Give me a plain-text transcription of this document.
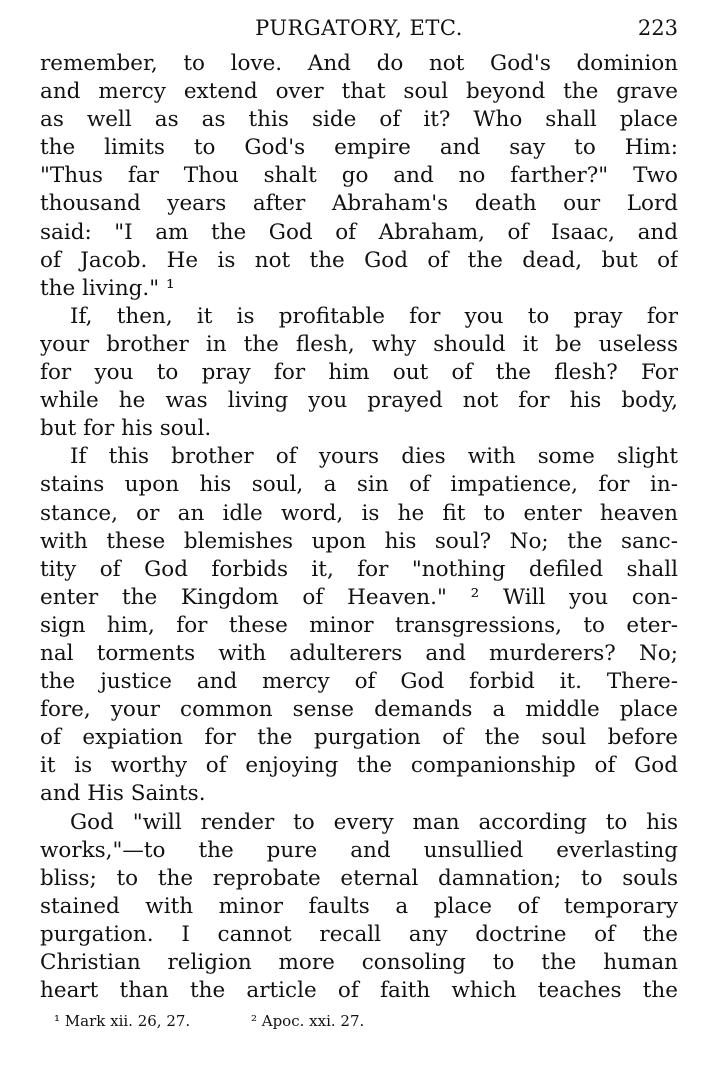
PURGATORY, ETC.	223

remember, to love. And do not God's dominion
and mercy extend over that soul beyond the grave
as well as as this side of it? Who shall place
the limits to God's empire and say to Him:
"Thus far Thou shalt go and no farther?" Two
thousand years after Abraham's death our Lord
said: "I am the God of Abraham, of Isaac, and
of Jacob. He is not the God of the dead, but of
the living." ¹

If, then, it is profitable for you to pray for
your brother in the flesh, why should it be useless
for you to pray for him out of the flesh? For
while he was living you prayed not for his body,
but for his soul.

If this brother of yours dies with some slight
stains upon his soul, a sin of impatience, for in-
stance, or an idle word, is he fit to enter heaven
with these blemishes upon his soul? No; the sanc-
tity of God forbids it, for "nothing defiled shall
enter the Kingdom of Heaven." ² Will you con-
sign him, for these minor transgressions, to eter-
nal torments with adulterers and murderers? No;
the justice and mercy of God forbid it. There-
fore, your common sense demands a middle place
of expiation for the purgation of the soul before
it is worthy of enjoying the companionship of God
and His Saints.

God "will render to every man according to his
works,"—to the pure and unsullied everlasting
bliss; to the reprobate eternal damnation; to souls
stained with minor faults a place of temporary
purgation. I cannot recall any doctrine of the
Christian religion more consoling to the human
heart than the article of faith which teaches the

¹ Mark xii. 26, 27.	² Apoc. xxi. 27.
